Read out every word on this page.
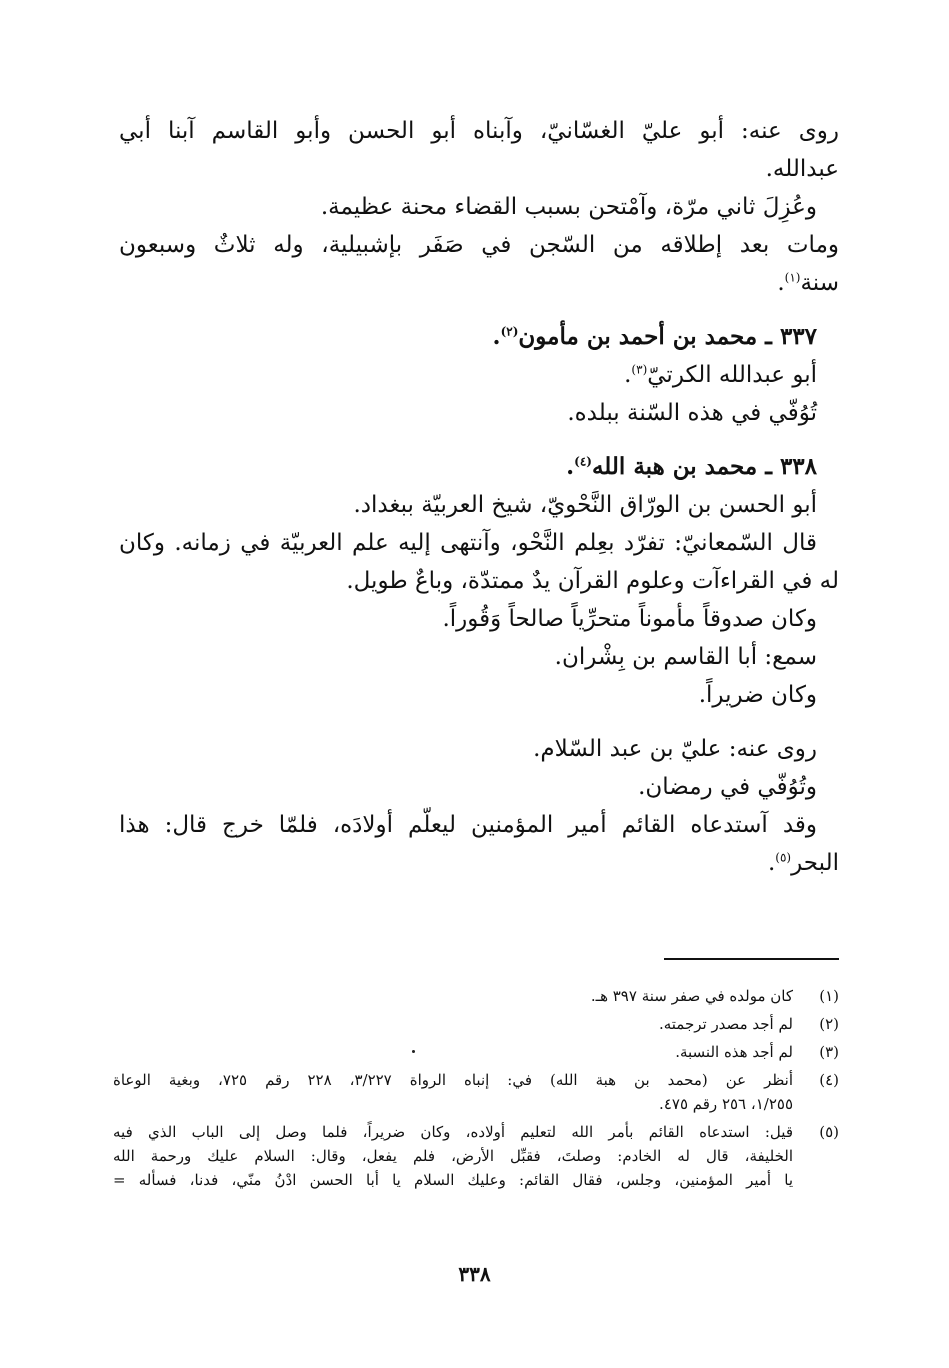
روى عنه: أبو عليّ الغسّانيّ، وآبناه أبو الحسن وأبو القاسم آبنا أبي

عبدالله.

وعُزِلَ ثاني مرّة، وآمْتحن بسبب القضاء محنة عظيمة.

ومات بعد إطلاقه من السّجن في صَفَر بإشبيلية، وله ثلاثٌ وسبعون

سنة$^{(١)}$.

٣٣٧ ـ محمد بن أحمد بن مأمون$^{(٢)}$.

أبو عبدالله الكرتيّ$^{(٣)}$.

تُوُفّي في هذه السّنة ببلده.

٣٣٨ ـ محمد بن هبة الله$^{(٤)}$.

أبو الحسن بن الورّاق النَّحْويّ، شيخ العربيّة ببغداد.

قال السّمعانيّ: تفرّد بعِلم النَّحْو، وآنتهى إليه علم العربيّة في زمانه. وكان

له في القراءآت وعلوم القرآن يدٌ ممتدّة، وباعٌ طويل.

وكان صدوقاً مأموناً متحرِّياً صالحاً وَقُوراً.

سمع: أبا القاسم بن بِشْران.

وكان ضريراً.

روى عنه: عليّ بن عبد السّلام.

وتُوُفّي في رمضان.

وقد آستدعاه القائم أمير المؤمنين ليعلّم أولادَه، فلمّا خرج قال: هذا

البحر$^{(٥)}$.

(١)
كان مولده في صفر سنة ٣٩٧ هـ.
(٢)
لم أجد مصدر ترجمته.
(٣)
لم أجد هذه النسبة.
(٤)
أنظر عن (محمد بن هبة الله) في: إنباه الرواة ٣/٢٢٧، ٢٢٨ رقم ٧٢٥، وبغية الوعاة
١/٢٥٥، ٢٥٦ رقم ٤٧٥.
(٥)
قيل: استدعاه القائم بأمر الله لتعليم أولاده، وكان ضريراً، فلما وصل إلى الباب الذي فيه
الخليفة، قال له الخادم: وصلتَ، فقبِّل الأرض، فلم يفعل، وقال: السلام عليك ورحمة الله
يا أمير المؤمنين، وجلس، فقال القائم: وعليك السلام يا أبا الحسن ادْنُ منّي، فدنا، فسأله =
٣٣٨
